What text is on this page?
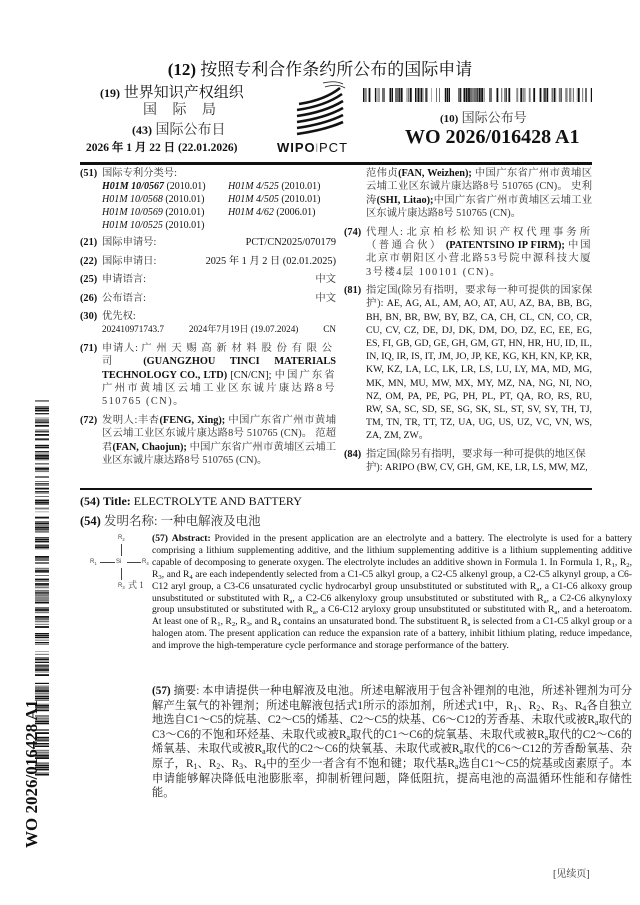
(12) 按照专利合作条约所公布的国际申请
(19) 世界知识产权组织
国 际 局
(43) 国际公布日
2026 年 1 月 22 日 (22.01.2026)	WIPO|PCT
(10) 国际公布号
WO 2026/016428 A1
WO 2026/016428 A1
(51) 国际专利分类号:
H01M 10/0567 (2010.01)	H01M 4/525 (2010.01)
H01M 10/0568 (2010.01)	H01M 4/505 (2010.01)
H01M 10/0569 (2010.01)	H01M 4/62 (2006.01)
H01M 10/0525 (2010.01)
(21) 国际申请号:	PCT/CN2025/070179
(22) 国际申请日:	2025 年 1 月 2 日 (02.01.2025)
(25) 申请语言:	中文
(26) 公布语言:	中文
(30) 优先权:
202410971743.7	2024年7月19日 (19.07.2024)	CN
(71) 申请人: 广州天赐高新材料股份有限公司 (GUANGZHOU TINCI MATERIALS TECHNOLOGY CO., LTD) [CN/CN]; 中国广东省广州市黄埔区云埔工业区东诚片康达路8号 510765 (CN)。
(72) 发明人:丰杏(FENG, Xing); 中国广东省广州市黄埔区云埔工业区东诚片康达路8号 510765 (CN)。 范超君(FAN, Chaojun); 中国广东省广州市黄埔区云埔工业区东诚片康达路8号 510765 (CN)。
范伟贞(FAN, Weizhen); 中国广东省广州市黄埔区云埔工业区东诚片康达路8号 510765 (CN)。 史利涛(SHI, Litao);中国广东省广州市黄埔区云埔工业区东诚片康达路8号 510765 (CN)。
(74) 代理人: 北京柏杉松知识产权代理事务所（普通合伙） (PATENTSINO IP FIRM); 中国北京市朝阳区小营北路53号院中源科技大厦3号楼4层 100101 (CN)。
(81) 指定国(除另有指明，要求每一种可提供的国家保护): AE, AG, AL, AM, AO, AT, AU, AZ, BA, BB, BG, BH, BN, BR, BW, BY, BZ, CA, CH, CL, CN, CO, CR, CU, CV, CZ, DE, DJ, DK, DM, DO, DZ, EC, EE, EG, ES, FI, GB, GD, GE, GH, GM, GT, HN, HR, HU, ID, IL, IN, IQ, IR, IS, IT, JM, JO, JP, KE, KG, KH, KN, KP, KR, KW, KZ, LA, LC, LK, LR, LS, LU, LY, MA, MD, MG, MK, MN, MU, MW, MX, MY, MZ, NA, NG, NI, NO, NZ, OM, PA, PE, PG, PH, PL, PT, QA, RO, RS, RU, RW, SA, SC, SD, SE, SG, SK, SL, ST, SV, SY, TH, TJ, TM, TN, TR, TT, TZ, UA, UG, US, UZ, VC, VN, WS, ZA, ZM, ZW。
(84) 指定国(除另有指明，要求每一种可提供的地区保护): ARIPO (BW, CV, GH, GM, KE, LR, LS, MW, MZ,
(54) Title: ELECTROLYTE AND BATTERY
(54) 发明名称: 一种电解液及电池
$R_2$
$R_1$	Si	$R_4$
$R_3$ 式 1
(57) Abstract: Provided in the present application are an electrolyte and a battery. The electrolyte is used for a battery comprising a lithium supplementing additive, and the lithium supplementing additive is a lithium supplementing additive capable of decomposing to generate oxygen. The electrolyte includes an additive shown in Formula 1. In Formula 1, $R_1$, $R_2$, $R_3$, and $R_4$ are each independently selected from a C1-C5 alkyl group, a C2-C5 alkenyl group, a C2-C5 alkynyl group, a C6-C12 aryl group, a C3-C6 unsaturated cyclic hydrocarbyl group unsubstituted or substituted with $R_a$, a C1-C6 alkoxy group unsubstituted or substituted with $R_a$, a C2-C6 alkenyloxy group unsubstituted or substituted with $R_a$, a C2-C6 alkynyloxy group unsubstituted or substituted with $R_a$, a C6-C12 aryloxy group unsubstituted or substituted with $R_a$, and a heteroatom. At least one of $R_1$, $R_2$, $R_3$, and $R_4$ contains an unsaturated bond. The substituent $R_a$ is selected from a C1-C5 alkyl group or a halogen atom. The present application can reduce the expansion rate of a battery, inhibit lithium plating, reduce impedance, and improve the high-temperature cycle performance and storage performance of the battery.
(57) 摘要: 本申请提供一种电解液及电池。所述电解液用于包含补锂剂的电池，所述补锂剂为可分解产生氧气的补锂剂；所述电解液包括式1所示的添加剂，所述式1中，$R_1$、$R_2$、$R_3$、$R_4$各自独立地选自C1～C5的烷基、C2～C5的烯基、C2～C5的炔基、C6～C12的芳香基、未取代或被$R_a$取代的C3～C6的不饱和环烃基、未取代或被$R_a$取代的C1～C6的烷氧基、未取代或被$R_a$取代的C2～C6的烯氧基、未取代或被$R_a$取代的C2～C6的炔氧基、未取代或被$R_a$取代的C6～C12的芳香酚氧基、杂原子，$R_1$、$R_2$、$R_3$、$R_4$中的至少一者含有不饱和键；取代基$R_a$选自C1～C5的烷基或卤素原子。本申请能够解决降低电池膨胀率，抑制析锂问题，降低阻抗，提高电池的高温循环性能和存储性能。
[见续页]
